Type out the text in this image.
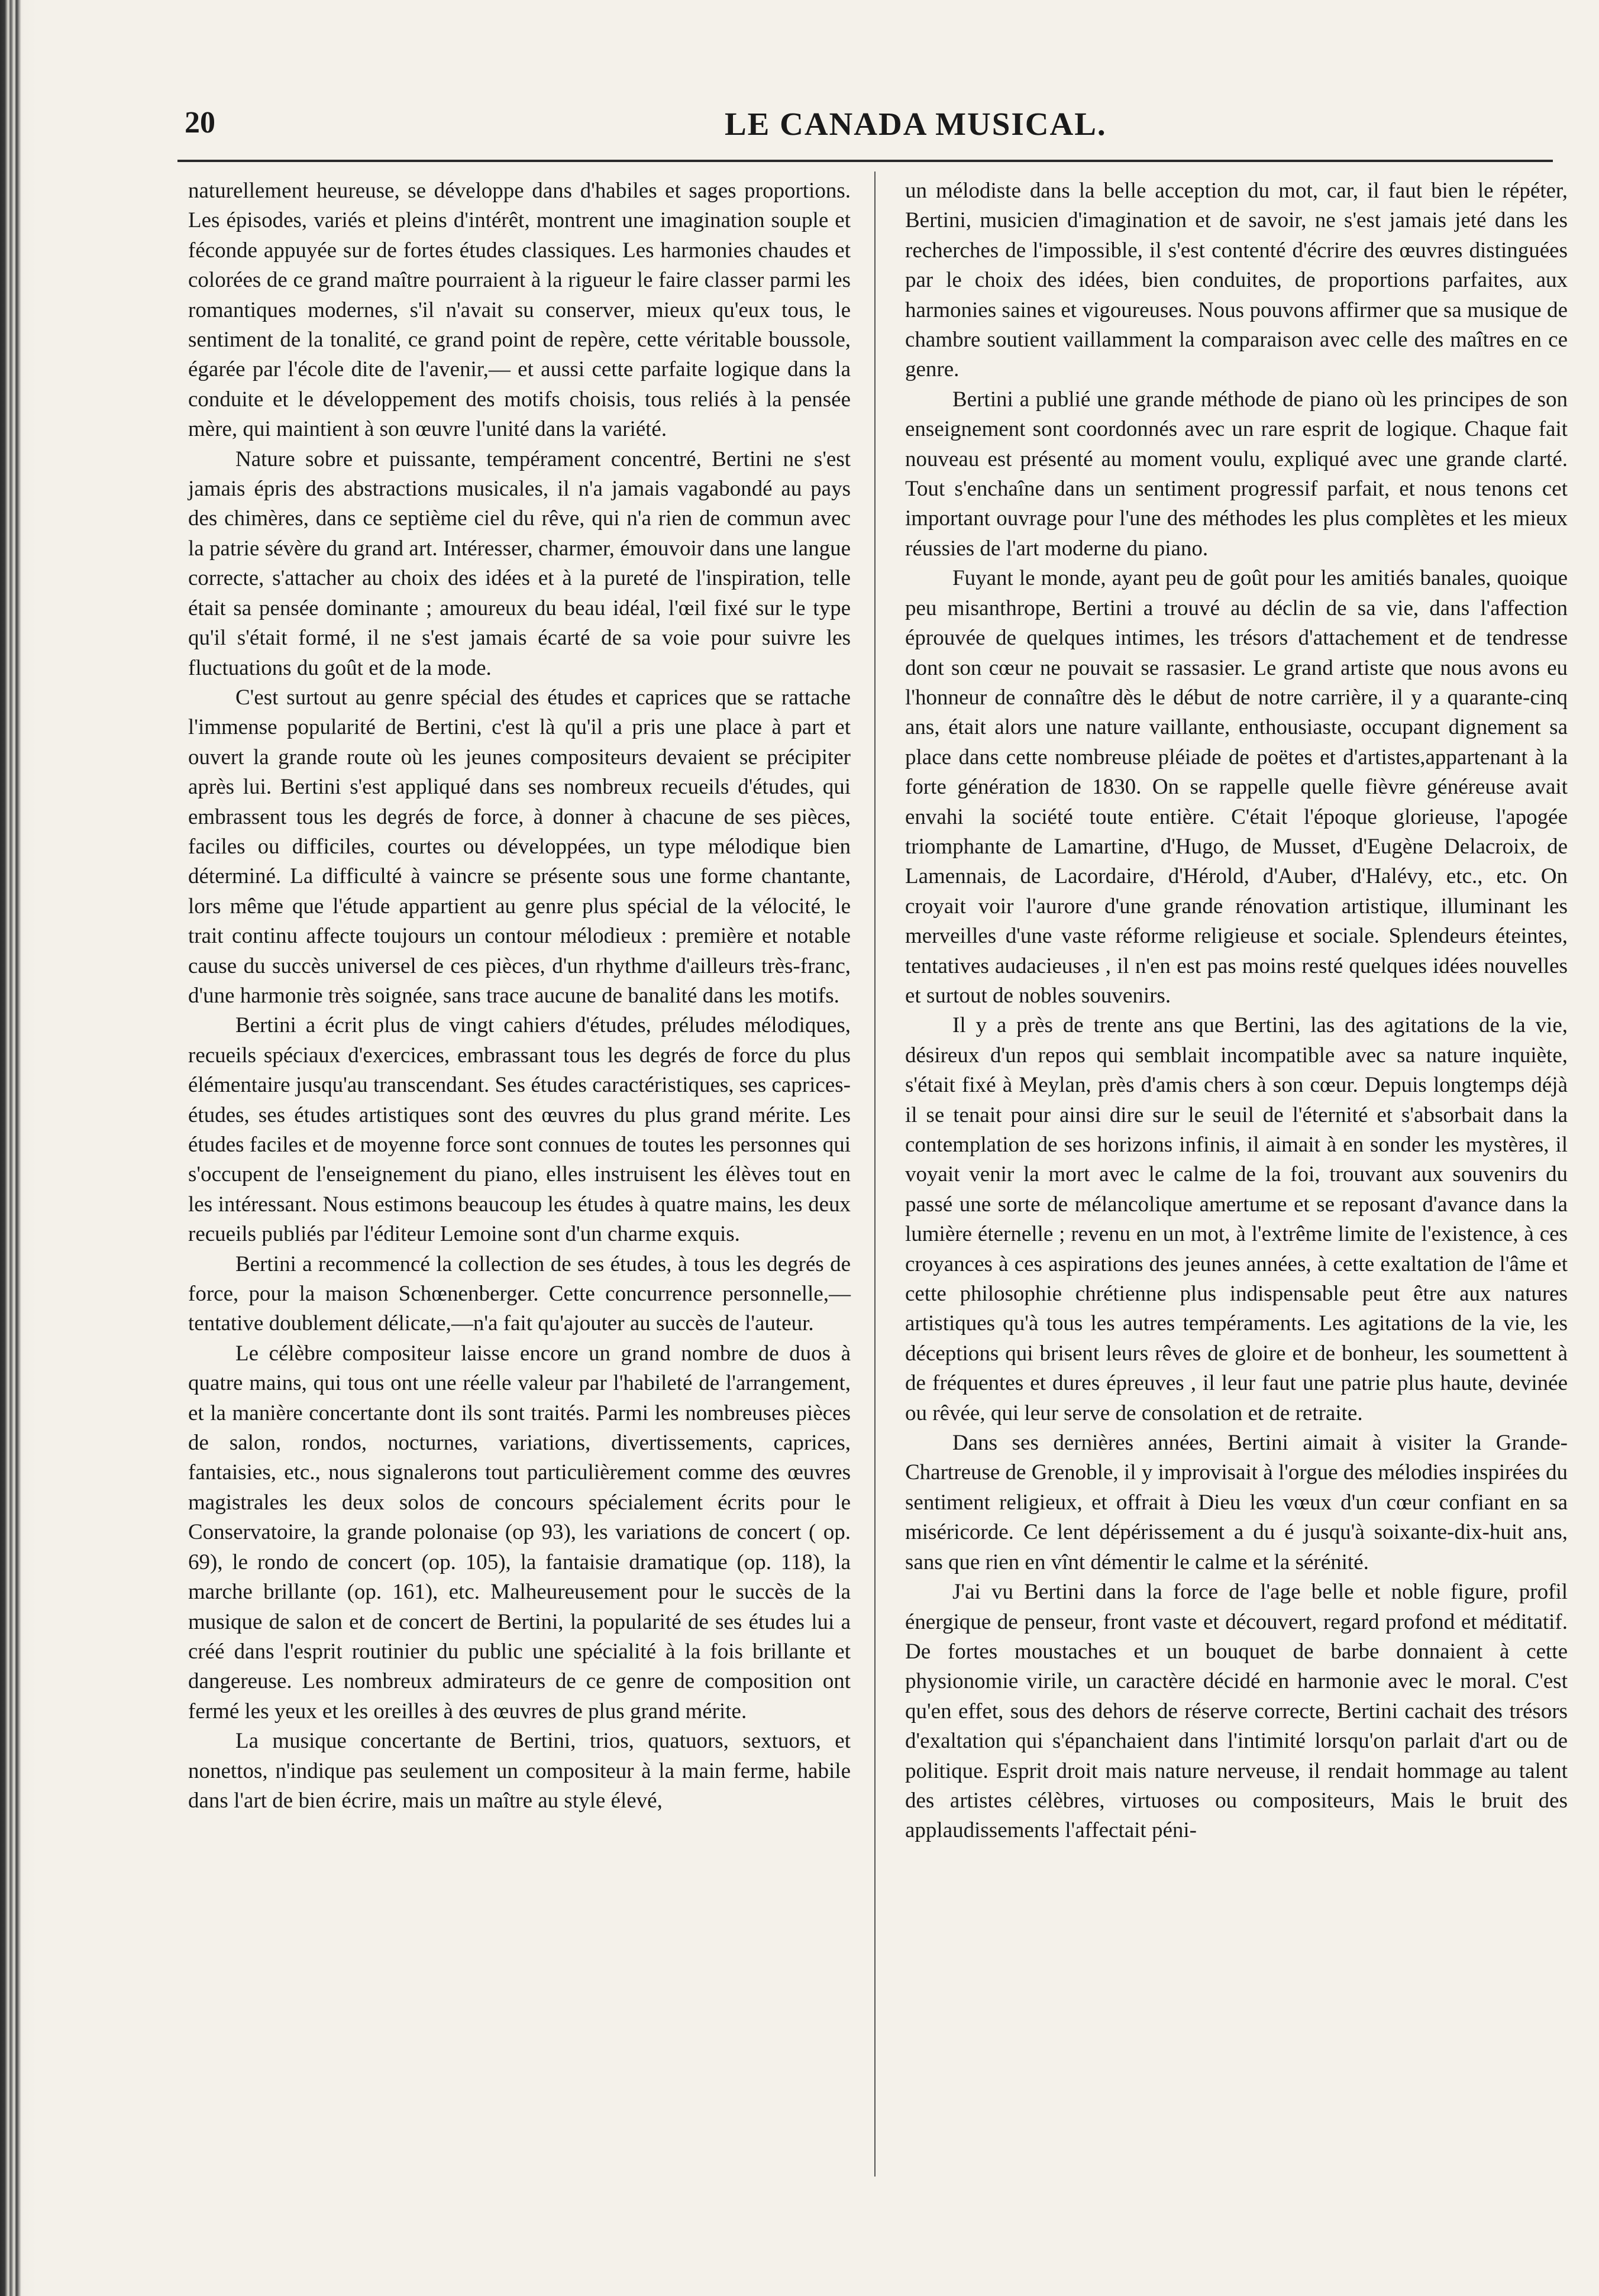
20	LE CANADA MUSICAL.

naturellement heureuse, se développe dans d'habiles et sages proportions. Les épisodes, variés et pleins d'intérêt, montrent une imagination souple et féconde appuyée sur de fortes études classiques. Les harmonies chaudes et colorées de ce grand maître pourraient à la rigueur le faire classer parmi les romantiques modernes, s'il n'avait su conserver, mieux qu'eux tous, le sentiment de la tonalité, ce grand point de repère, cette véritable boussole, égarée par l'école dite de l'avenir,— et aussi cette parfaite logique dans la conduite et le développement des motifs choisis, tous reliés à la pensée mère, qui maintient à son œuvre l'unité dans la variété.

Nature sobre et puissante, tempérament concentré, Bertini ne s'est jamais épris des abstractions musicales, il n'a jamais vagabondé au pays des chimères, dans ce septième ciel du rêve, qui n'a rien de commun avec la patrie sévère du grand art. Intéresser, charmer, émouvoir dans une langue correcte, s'attacher au choix des idées et à la pureté de l'inspiration, telle était sa pensée dominante ; amoureux du beau idéal, l'œil fixé sur le type qu'il s'était formé, il ne s'est jamais écarté de sa voie pour suivre les fluctuations du goût et de la mode.

C'est surtout au genre spécial des études et caprices que se rattache l'immense popularité de Bertini, c'est là qu'il a pris une place à part et ouvert la grande route où les jeunes compositeurs devaient se précipiter après lui. Bertini s'est appliqué dans ses nombreux recueils d'études, qui embrassent tous les degrés de force, à donner à chacune de ses pièces, faciles ou difficiles, courtes ou développées, un type mélodique bien déterminé. La difficulté à vaincre se présente sous une forme chantante, lors même que l'étude appartient au genre plus spécial de la vélocité, le trait continu affecte toujours un contour mélodieux : première et notable cause du succès universel de ces pièces, d'un rhythme d'ailleurs très-franc, d'une harmonie très soignée, sans trace aucune de banalité dans les motifs.

Bertini a écrit plus de vingt cahiers d'études, préludes mélodiques, recueils spéciaux d'exercices, embrassant tous les degrés de force du plus élémentaire jusqu'au transcendant. Ses études caractéristiques, ses caprices-études, ses études artistiques sont des œuvres du plus grand mérite. Les études faciles et de moyenne force sont connues de toutes les personnes qui s'occupent de l'enseignement du piano, elles instruisent les élèves tout en les intéressant. Nous estimons beaucoup les études à quatre mains, les deux recueils publiés par l'éditeur Lemoine sont d'un charme exquis.

Bertini a recommencé la collection de ses études, à tous les degrés de force, pour la maison Schœnenberger. Cette concurrence personnelle,— tentative doublement délicate,—n'a fait qu'ajouter au succès de l'auteur.

Le célèbre compositeur laisse encore un grand nombre de duos à quatre mains, qui tous ont une réelle valeur par l'habileté de l'arrangement, et la manière concertante dont ils sont traités. Parmi les nombreuses pièces de salon, rondos, nocturnes, variations, divertissements, caprices, fantaisies, etc., nous signalerons tout particulièrement comme des œuvres magistrales les deux solos de concours spécialement écrits pour le Conservatoire, la grande polonaise (op 93), les variations de concert ( op. 69), le rondo de concert (op. 105), la fantaisie dramatique (op. 118), la marche brillante (op. 161), etc. Malheureusement pour le succès de la musique de salon et de concert de Bertini, la popularité de ses études lui a créé dans l'esprit routinier du public une spécialité à la fois brillante et dangereuse. Les nombreux admirateurs de ce genre de composition ont fermé les yeux et les oreilles à des œuvres de plus grand mérite.

La musique concertante de Bertini, trios, quatuors, sextuors, et nonettos, n'indique pas seulement un compositeur à la main ferme, habile dans l'art de bien écrire, mais un maître au style élevé,

un mélodiste dans la belle acception du mot, car, il faut bien le répéter, Bertini, musicien d'imagination et de savoir, ne s'est jamais jeté dans les recherches de l'impossible, il s'est contenté d'écrire des œuvres distinguées par le choix des idées, bien conduites, de proportions parfaites, aux harmonies saines et vigoureuses. Nous pouvons affirmer que sa musique de chambre soutient vaillamment la comparaison avec celle des maîtres en ce genre.

Bertini a publié une grande méthode de piano où les principes de son enseignement sont coordonnés avec un rare esprit de logique. Chaque fait nouveau est présenté au moment voulu, expliqué avec une grande clarté. Tout s'enchaîne dans un sentiment progressif parfait, et nous tenons cet important ouvrage pour l'une des méthodes les plus complètes et les mieux réussies de l'art moderne du piano.

Fuyant le monde, ayant peu de goût pour les amitiés banales, quoique peu misanthrope, Bertini a trouvé au déclin de sa vie, dans l'affection éprouvée de quelques intimes, les trésors d'attachement et de tendresse dont son cœur ne pouvait se rassasier. Le grand artiste que nous avons eu l'honneur de connaître dès le début de notre carrière, il y a quarante-cinq ans, était alors une nature vaillante, enthousiaste, occupant dignement sa place dans cette nombreuse pléiade de poëtes et d'artistes,appartenant à la forte génération de 1830. On se rappelle quelle fièvre généreuse avait envahi la société toute entière. C'était l'époque glorieuse, l'apogée triomphante de Lamartine, d'Hugo, de Musset, d'Eugène Delacroix, de Lamennais, de Lacordaire, d'Hérold, d'Auber, d'Halévy, etc., etc. On croyait voir l'aurore d'une grande rénovation artistique, illuminant les merveilles d'une vaste réforme religieuse et sociale. Splendeurs éteintes, tentatives audacieuses , il n'en est pas moins resté quelques idées nouvelles et surtout de nobles souvenirs.

Il y a près de trente ans que Bertini, las des agitations de la vie, désireux d'un repos qui semblait incompatible avec sa nature inquiète, s'était fixé à Meylan, près d'amis chers à son cœur. Depuis longtemps déjà il se tenait pour ainsi dire sur le seuil de l'éternité et s'absorbait dans la contemplation de ses horizons infinis, il aimait à en sonder les mystères, il voyait venir la mort avec le calme de la foi, trouvant aux souvenirs du passé une sorte de mélancolique amertume et se reposant d'avance dans la lumière éternelle ; revenu en un mot, à l'extrême limite de l'existence, à ces croyances à ces aspirations des jeunes années, à cette exaltation de l'âme et cette philosophie chrétienne plus indispensable peut être aux natures artistiques qu'à tous les autres tempéraments. Les agitations de la vie, les déceptions qui brisent leurs rêves de gloire et de bonheur, les soumettent à de fréquentes et dures épreuves , il leur faut une patrie plus haute, devinée ou rêvée, qui leur serve de consolation et de retraite.

Dans ses dernières années, Bertini aimait à visiter la Grande-Chartreuse de Grenoble, il y improvisait à l'orgue des mélodies inspirées du sentiment religieux, et offrait à Dieu les vœux d'un cœur confiant en sa miséricorde. Ce lent dépérissement a du é jusqu'à soixante-dix-huit ans, sans que rien en vînt démentir le calme et la sérénité.

J'ai vu Bertini dans la force de l'age belle et noble figure, profil énergique de penseur, front vaste et découvert, regard profond et méditatif. De fortes moustaches et un bouquet de barbe donnaient à cette physionomie virile, un caractère décidé en harmonie avec le moral. C'est qu'en effet, sous des dehors de réserve correcte, Bertini cachait des trésors d'exaltation qui s'épanchaient dans l'intimité lorsqu'on parlait d'art ou de politique. Esprit droit mais nature nerveuse, il rendait hommage au talent des artistes célèbres, virtuoses ou compositeurs, Mais le bruit des applaudissements l'affectait péni-
